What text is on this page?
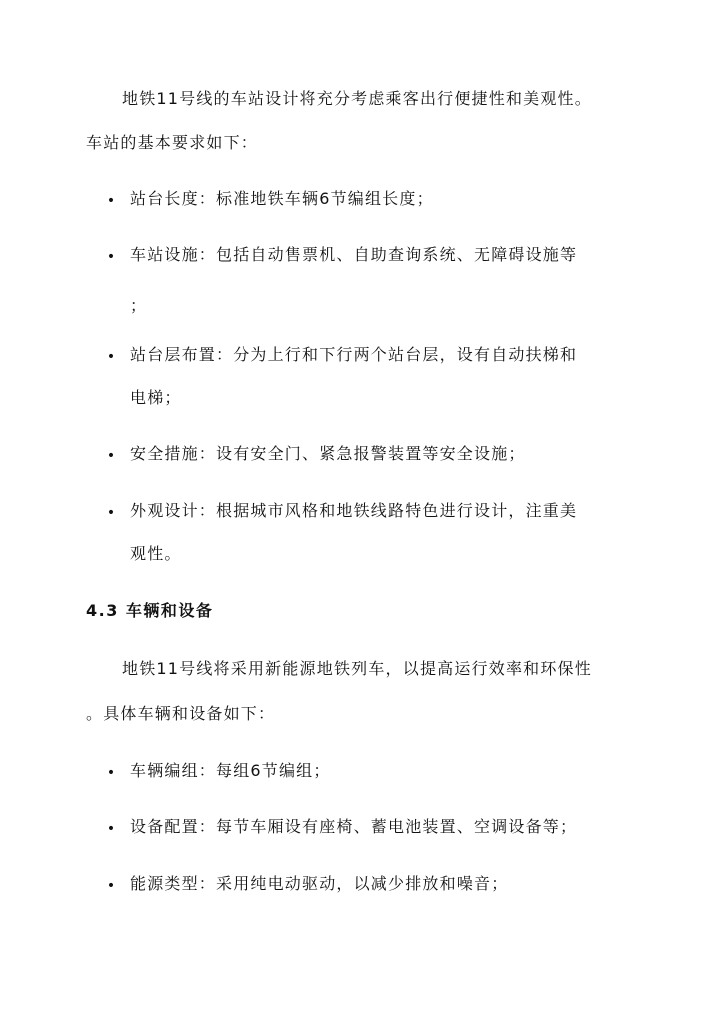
地铁11号线的车站设计将充分考虑乘客出行便捷性和美观性。
车站的基本要求如下：
• 站台长度：标准地铁车辆6节编组长度；
• 车站设施：包括自动售票机、自助查询系统、无障碍设施等
；
• 站台层布置：分为上行和下行两个站台层，设有自动扶梯和
电梯；
• 安全措施：设有安全门、紧急报警装置等安全设施；
• 外观设计：根据城市风格和地铁线路特色进行设计，注重美
观性。
4.3 车辆和设备
地铁11号线将采用新能源地铁列车，以提高运行效率和环保性
。具体车辆和设备如下：
• 车辆编组：每组6节编组；
• 设备配置：每节车厢设有座椅、蓄电池装置、空调设备等；
• 能源类型：采用纯电动驱动，以减少排放和噪音；
